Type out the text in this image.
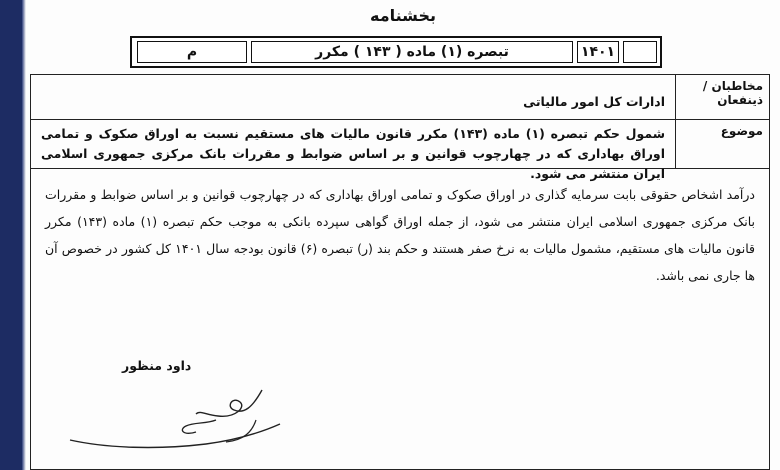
بخشنامه
۱۴۰۱
تبصره (۱) ماده ( ۱۴۳ ) مکرر
م
مخاطبان / ذینفعان
ادارات کل امور مالیاتی
موضوع
شمول حکم تبصره (۱) ماده (۱۴۳) مکرر قانون مالیات های مستقیم نسبت به اوراق صکوک و تمامی اوراق بهاداری که در چهارچوب قوانین و بر اساس ضوابط و مقررات بانک مرکزی جمهوری اسلامی ایران منتشر می شود.
درآمد اشخاص حقوقی بابت سرمایه گذاری در اوراق صکوک و تمامی اوراق بهاداری که در چهارچوب قوانین و بر اساس ضوابط و مقررات بانک مرکزی جمهوری اسلامی ایران منتشر می شود، از جمله اوراق گواهی سپرده بانکی به موجب حکم تبصره (۱) ماده (۱۴۳) مکرر قانون مالیات های مستقیم، مشمول مالیات به نرخ صفر هستند و حکم بند (ر) تبصره (۶) قانون بودجه سال ۱۴۰۱ کل کشور در خصوص آن ها جاری نمی باشد.
داود منظور
